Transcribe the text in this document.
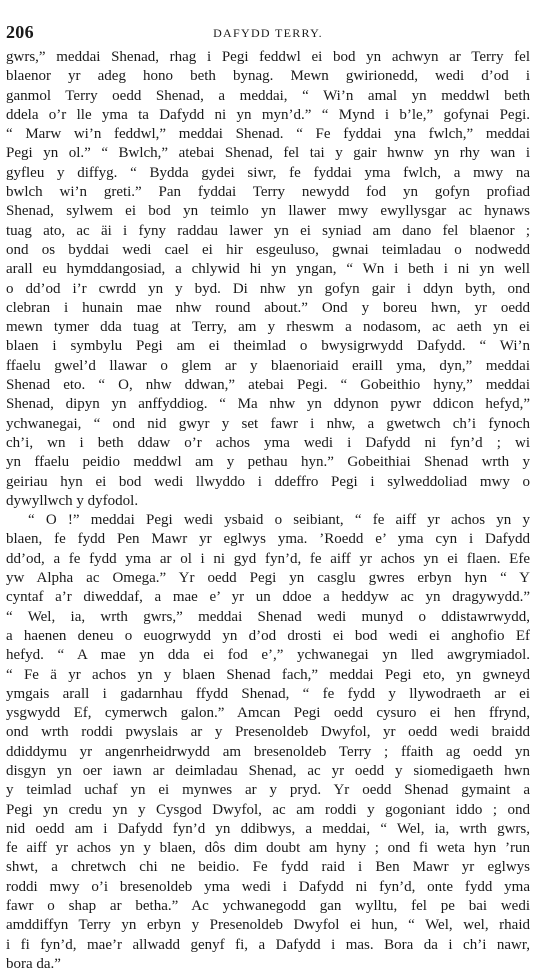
206	DAFYDD TERRY.
gwrs,” meddai Shenad, rhag i Pegi feddwl ei bod yn achwyn ar Terry fel
blaenor yr adeg hono beth bynag. Mewn gwirionedd, wedi d’od i
ganmol Terry oedd Shenad, a meddai, “ Wi’n amal yn meddwl beth
ddela o’r lle yma ta Dafydd ni yn myn’d.” “ Mynd i b’le,” gofynai Pegi.
“ Marw wi’n feddwl,” meddai Shenad. “ Fe fyddai yna fwlch,” meddai
Pegi yn ol.” “ Bwlch,” atebai Shenad, fel tai y gair hwnw yn rhy wan i
gyfleu y diffyg. “ Bydda gydei siwr, fe fyddai yma fwlch, a mwy na
bwlch wi’n greti.” Pan fyddai Terry newydd fod yn gofyn profiad
Shenad, sylwem ei bod yn teimlo yn llawer mwy ewyllysgar ac hynaws
tuag ato, ac äi i fyny raddau lawer yn ei syniad am dano fel blaenor ;
ond os byddai wedi cael ei hir esgeuluso, gwnai teimladau o nodwedd
arall eu hymddangosiad, a chlywid hi yn yngan, “ Wn i beth i ni yn well
o dd’od i’r cwrdd yn y byd. Di nhw yn gofyn gair i ddyn byth, ond
clebran i hunain mae nhw round about.” Ond y boreu hwn, yr oedd
mewn tymer dda tuag at Terry, am y rheswm a nodasom, ac aeth yn ei
blaen i symbylu Pegi am ei theimlad o bwysigrwydd Dafydd. “ Wi’n
ffaelu gwel’d llawar o glem ar y blaenoriaid eraill yma, dyn,” meddai
Shenad eto. “ O, nhw ddwan,” atebai Pegi. “ Gobeithio hyny,” meddai
Shenad, dipyn yn anffyddiog. “ Ma nhw yn ddynon pywr ddicon hefyd,”
ychwanegai, “ ond nid gwyr y set fawr i nhw, a gwetwch ch’i fynoch
ch’i, wn i beth ddaw o’r achos yma wedi i Dafydd ni fyn’d ; wi
yn ffaelu peidio meddwl am y pethau hyn.” Gobeithiai Shenad wrth y
geiriau hyn ei bod wedi llwyddo i ddeffro Pegi i sylweddoliad mwy o
dywyllwch y dyfodol.
“ O !” meddai Pegi wedi ysbaid o seibiant, “ fe aiff yr achos yn y
blaen, fe fydd Pen Mawr yr eglwys yma. ’Roedd e’ yma cyn i Dafydd
dd’od, a fe fydd yma ar ol i ni gyd fyn’d, fe aiff yr achos yn ei flaen. Efe
yw Alpha ac Omega.” Yr oedd Pegi yn casglu gwres erbyn hyn “ Y
cyntaf a’r diweddaf, a mae e’ yr un ddoe a heddyw ac yn dragywydd.”
“ Wel, ia, wrth gwrs,” meddai Shenad wedi munyd o ddistawrwydd,
a haenen deneu o euogrwydd yn d’od drosti ei bod wedi ei anghofio Ef
hefyd. “ A mae yn dda ei fod e’,” ychwanegai yn lled awgrymiadol.
“ Fe ä yr achos yn y blaen Shenad fach,” meddai Pegi eto, yn gwneyd
ymgais arall i gadarnhau ffydd Shenad, “ fe fydd y llywodraeth ar ei
ysgwydd Ef, cymerwch galon.” Amcan Pegi oedd cysuro ei hen ffrynd,
ond wrth roddi pwyslais ar y Presenoldeb Dwyfol, yr oedd wedi braidd
ddiddymu yr angenrheidrwydd am bresenoldeb Terry ; ffaith ag oedd yn
disgyn yn oer iawn ar deimladau Shenad, ac yr oedd y siomedigaeth hwn
y teimlad uchaf yn ei mynwes ar y pryd. Yr oedd Shenad gymaint a
Pegi yn credu yn y Cysgod Dwyfol, ac am roddi y gogoniant iddo ; ond
nid oedd am i Dafydd fyn’d yn ddibwys, a meddai, “ Wel, ia, wrth gwrs,
fe aiff yr achos yn y blaen, dôs dim doubt am hyny ; ond fi weta hyn ’run
shwt, a chretwch chi ne beidio. Fe fydd raid i Ben Mawr yr eglwys
roddi mwy o’i bresenoldeb yma wedi i Dafydd ni fyn’d, onte fydd yma
fawr o shap ar betha.” Ac ychwanegodd gan wylltu, fel pe bai wedi
amddiffyn Terry yn erbyn y Presenoldeb Dwyfol ei hun, “ Wel, wel, rhaid
i fi fyn’d, mae’r allwadd genyf fi, a Dafydd i mas. Bora da i ch’i nawr,
bora da.”
